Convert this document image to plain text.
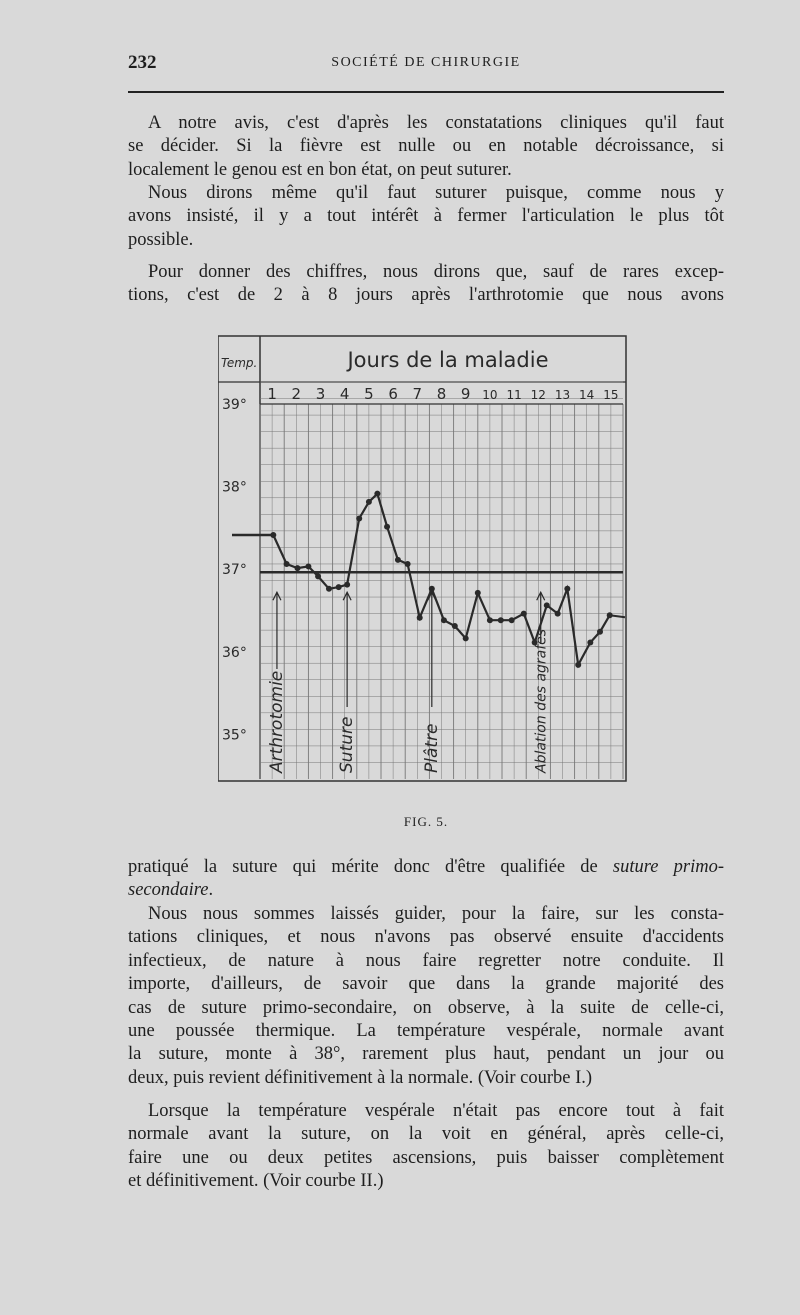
232	SOCIÉTÉ DE CHIRURGIE

A notre avis, c'est d'après les constatations cliniques qu'il faut
se décider. Si la fièvre est nulle ou en notable décroissance, si
localement le genou est en bon état, on peut suturer.

Nous dirons même qu'il faut suturer puisque, comme nous y
avons insisté, il y a tout intérêt à fermer l'articulation le plus tôt
possible.

Pour donner des chiffres, nous dirons que, sauf de rares excep-
tions, c'est de 2 à 8 jours après l'arthrotomie que nous avons

Jours de la maladie
Temp.
1 2 3 4 5 6 7 8 9 10 11 12 13 14 15
39°
38°
37°
36°
35° Arthrotomie	Suture	Plâtre	Ablation des agrafes
FIG. 5.

pratiqué la suture qui mérite donc d'être qualifiée de suture primo-
secondaire.

Nous nous sommes laissés guider, pour la faire, sur les consta-
tations cliniques, et nous n'avons pas observé ensuite d'accidents
infectieux, de nature à nous faire regretter notre conduite. Il
importe, d'ailleurs, de savoir que dans la grande majorité des
cas de suture primo-secondaire, on observe, à la suite de celle-ci,
une poussée thermique. La température vespérale, normale avant
la suture, monte à 38°, rarement plus haut, pendant un jour ou
deux, puis revient définitivement à la normale. (Voir courbe I.)

Lorsque la température vespérale n'était pas encore tout à fait
normale avant la suture, on la voit en général, après celle-ci,
faire une ou deux petites ascensions, puis baisser complètement
et définitivement. (Voir courbe II.)
